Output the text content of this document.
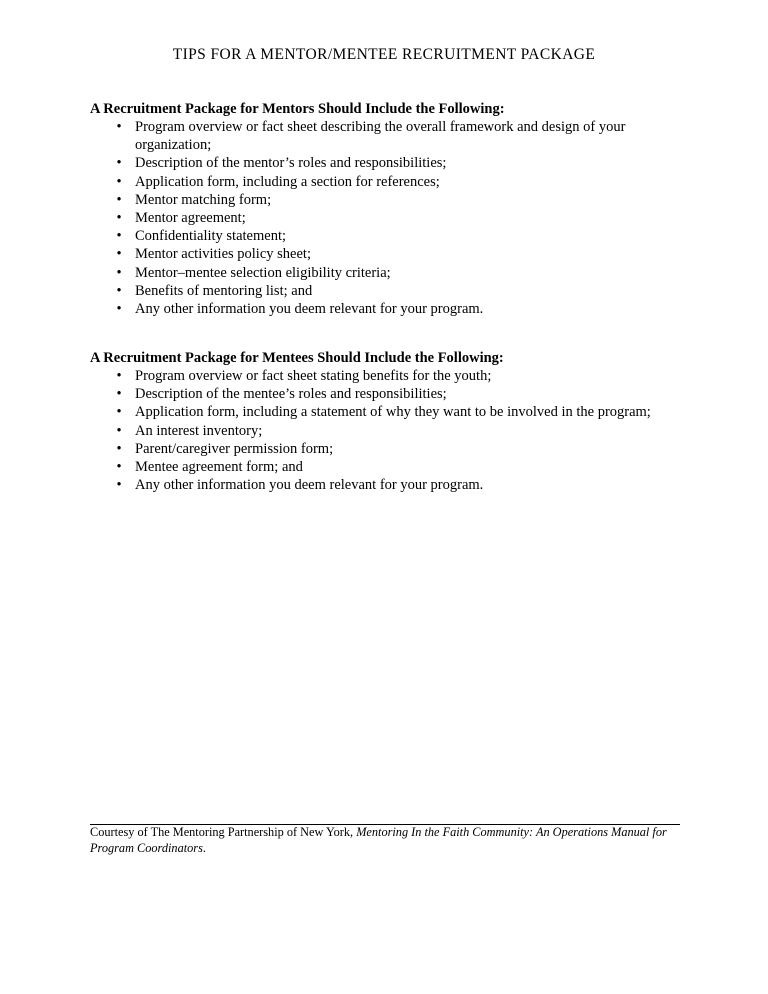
TIPS FOR A MENTOR/MENTEE RECRUITMENT PACKAGE

A Recruitment Package for Mentors Should Include the Following:

• Program overview or fact sheet describing the overall framework and design of your organization;
• Description of the mentor’s roles and responsibilities;
• Application form, including a section for references;
• Mentor matching form;
• Mentor agreement;
• Confidentiality statement;
• Mentor activities policy sheet;
• Mentor–mentee selection eligibility criteria;
• Benefits of mentoring list; and
• Any other information you deem relevant for your program.

A Recruitment Package for Mentees Should Include the Following:

• Program overview or fact sheet stating benefits for the youth;
• Description of the mentee’s roles and responsibilities;
• Application form, including a statement of why they want to be involved in the program;
• An interest inventory;
• Parent/caregiver permission form;
• Mentee agreement form; and
• Any other information you deem relevant for your program.
Courtesy of The Mentoring Partnership of New York, Mentoring In the Faith Community: An Operations Manual for Program Coordinators.
